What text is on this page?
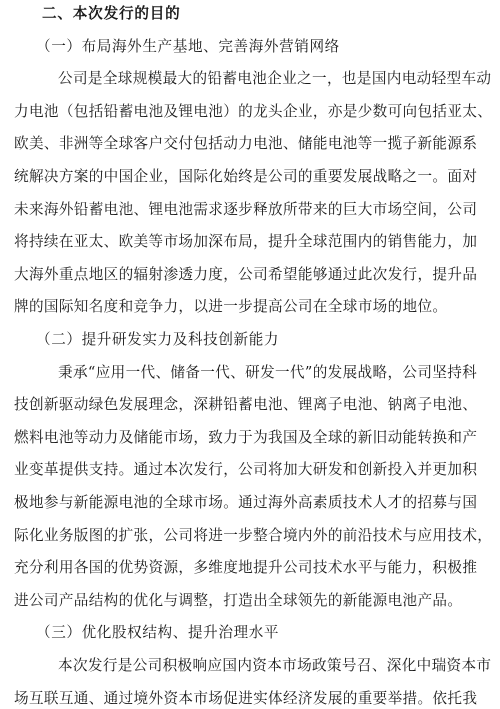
二、本次发行的目的
（一）布局海外生产基地、完善海外营销网络
公司是全球规模最大的铅蓄电池企业之一，也是国内电动轻型车动
力电池（包括铅蓄电池及锂电池）的龙头企业，亦是少数可向包括亚太、
欧美、非洲等全球客户交付包括动力电池、储能电池等一揽子新能源系
统解决方案的中国企业，国际化始终是公司的重要发展战略之一。面对
未来海外铅蓄电池、锂电池需求逐步释放所带来的巨大市场空间，公司
将持续在亚太、欧美等市场加深布局，提升全球范围内的销售能力，加
大海外重点地区的辐射渗透力度，公司希望能够通过此次发行，提升品
牌的国际知名度和竞争力，以进一步提高公司在全球市场的地位。
（二）提升研发实力及科技创新能力
秉承“应用一代、储备一代、研发一代”的发展战略，公司坚持科
技创新驱动绿色发展理念，深耕铅蓄电池、锂离子电池、钠离子电池、
燃料电池等动力及储能市场，致力于为我国及全球的新旧动能转换和产
业变革提供支持。通过本次发行，公司将加大研发和创新投入并更加积
极地参与新能源电池的全球市场。通过海外高素质技术人才的招募与国
际化业务版图的扩张，公司将进一步整合境内外的前沿技术与应用技术，
充分利用各国的优势资源，多维度地提升公司技术水平与能力，积极推
进公司产品结构的优化与调整，打造出全球领先的新能源电池产品。
（三）优化股权结构、提升治理水平
本次发行是公司积极响应国内资本市场政策号召、深化中瑞资本市
场互联互通、通过境外资本市场促进实体经济发展的重要举措。依托我
